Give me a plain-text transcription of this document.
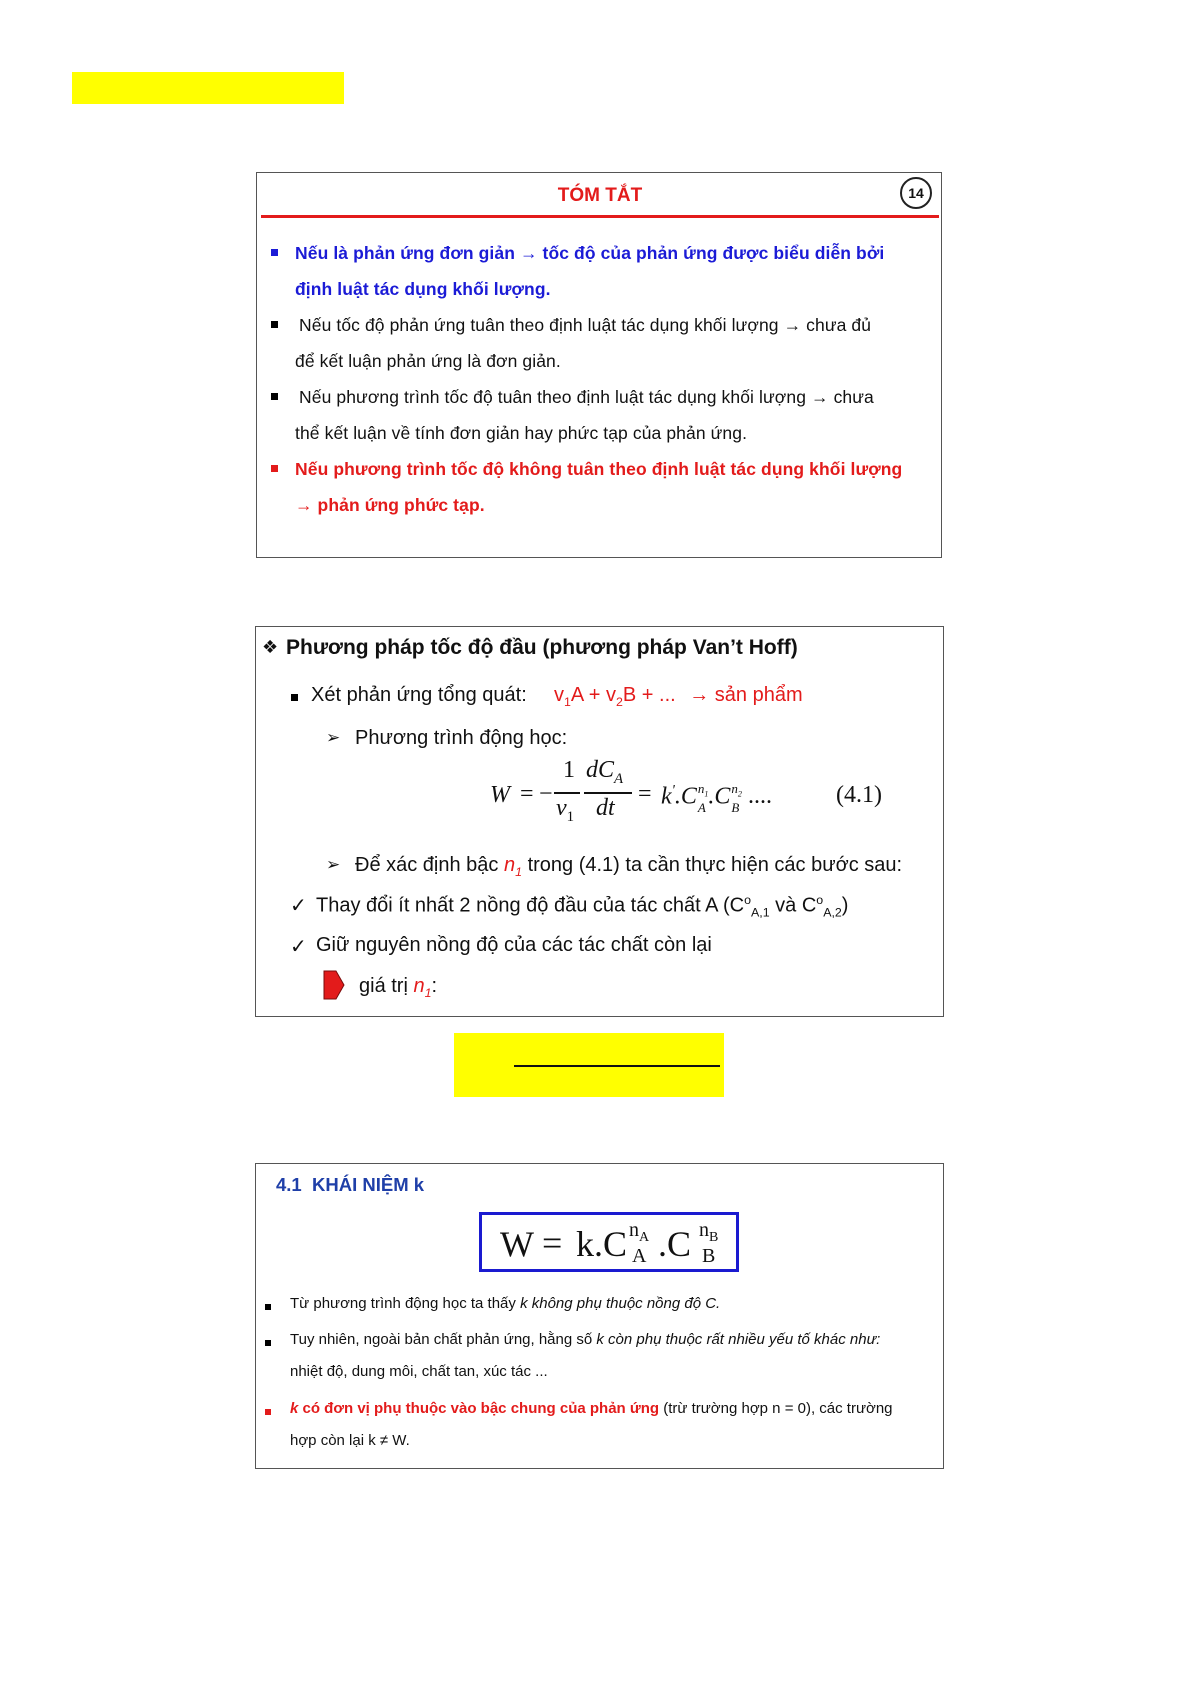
TÓM TẮT	14
Nếu là phản ứng đơn giản → tốc độ của phản ứng được biểu diễn bởi
định luật tác dụng khối lượng.
Nếu tốc độ phản ứng tuân theo định luật tác dụng khối lượng → chưa đủ
để kết luận phản ứng là đơn giản.
Nếu phương trình tốc độ tuân theo định luật tác dụng khối lượng → chưa
thể kết luận về tính đơn giản hay phức tạp của phản ứng.
Nếu phương trình tốc độ không tuân theo định luật tác dụng khối lượng
→ phản ứng phức tạp.
❖ Phương pháp tốc độ đầu (phương pháp Van’t Hoff)
Xét phản ứng tổng quát: $v_1A + v_2B$ + ... → sản phẩm
➢ Phương trình động học:
W = −
1
$\nu_1$
$dC_A$
dt
= k'.C $n_1$
A .C $n_2$
B ....	(4.1)
➢ Để xác định bậc $n_1$ trong (4.1) ta cần thực hiện các bước sau:
✓ Thay đổi ít nhất 2 nồng độ đầu của tác chất A ($C^o_{A,1}$ và $C^o_{A,2}$)
✓ Giữ nguyên nồng độ của các tác chất còn lại
giá trị $n_1$:
4.1  KHÁI NIỆM k
W = k.C $n_A$
A .C $n_B$
B
Từ phương trình động học ta thấy k không phụ thuộc nồng độ C.
Tuy nhiên, ngoài bản chất phản ứng, hằng số k còn phụ thuộc rất nhiều yếu tố khác như:
nhiệt độ, dung môi, chất tan, xúc tác ...
k có đơn vị phụ thuộc vào bậc chung của phản ứng (trừ trường hợp n = 0), các trường
hợp còn lại k ≠ W.
